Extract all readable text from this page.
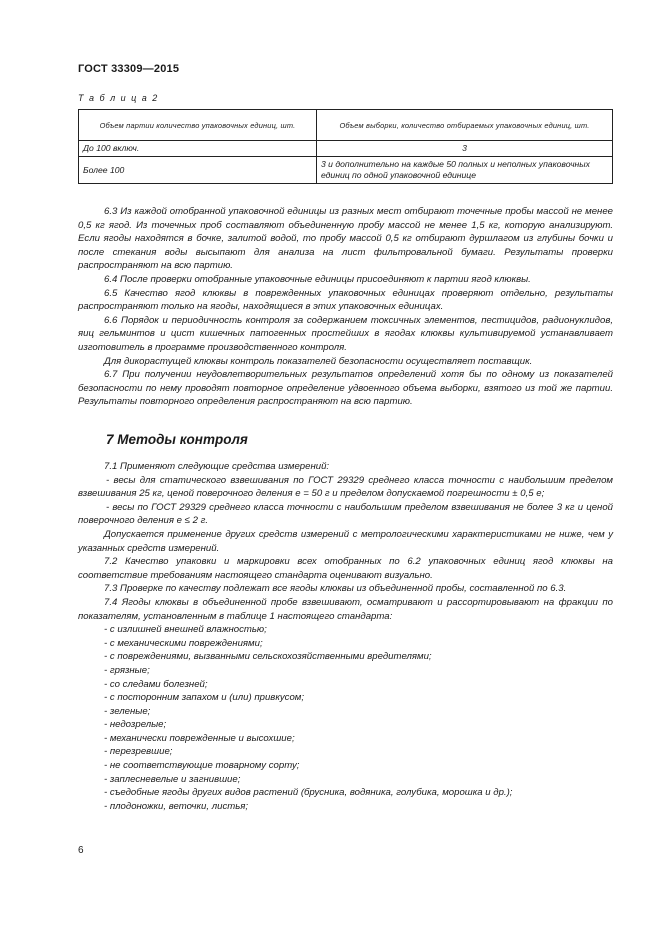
ГОСТ 33309—2015
Т а б л и ц а 2
Объем партии количество упаковочных единиц, шт.	Объем выборки, количество отбираемых упаковочных единиц, шт.
До 100 включ.	3
Более 100	3 и дополнительно на каждые 50 полных и неполных упаковочных единиц по одной упаковочной единице

6.3 Из каждой отобранной упаковочной единицы из разных мест отбирают точечные пробы массой не менее 0,5 кг ягод. Из точечных проб составляют объединенную пробу массой не менее 1,5 кг, которую анализируют. Если ягоды находятся в бочке, залитой водой, то пробу массой 0,5 кг отбирают дуршлагом из глубины бочки и после стекания воды высыпают для анализа на лист фильтровальной бумаги. Результаты проверки распространяют на всю партию.

6.4 После проверки отобранные упаковочные единицы присоединяют к партии ягод клюквы.

6.5 Качество ягод клюквы в поврежденных упаковочных единицах проверяют отдельно, результаты распространяют только на ягоды, находящиеся в этих упаковочных единицах.

6.6 Порядок и периодичность контроля за содержанием токсичных элементов, пестицидов, радионуклидов, яиц гельминтов и цист кишечных патогенных простейших в ягодах клюквы культивируемой устанавливает изготовитель в программе производственного контроля.

Для дикорастущей клюквы контроль показателей безопасности осуществляет поставщик.

6.7 При получении неудовлетворительных результатов определений хотя бы по одному из показателей безопасности по нему проводят повторное определение удвоенного объема выборки, взятого из той же партии. Результаты повторного определения распространяют на всю партию.

7 Методы контроля

7.1 Применяют следующие средства измерений:

- весы для статического взвешивания по ГОСТ 29329 среднего класса точности с наибольшим пределом взвешивания 25 кг, ценой поверочного деления е = 50 г и пределом допускаемой погрешности ± 0,5 е;

- весы по ГОСТ 29329 среднего класса точности с наибольшим пределом взвешивания не более 3 кг и ценой поверочного деления е ≤ 2 г.

Допускается применение других средств измерений с метрологическими характеристиками не ниже, чем у указанных средств измерений.

7.2 Качество упаковки и маркировки всех отобранных по 6.2 упаковочных единиц ягод клюквы на соответствие требованиям настоящего стандарта оценивают визуально.

7.3 Проверке по качеству подлежат все ягоды клюквы из объединенной пробы, составленной по 6.3.

7.4 Ягоды клюквы в объединенной пробе взвешивают, осматривают и рассортировывают на фракции по показателям, установленным в таблице 1 настоящего стандарта:

- с излишней внешней влажностью;

- с механическими повреждениями;

- с повреждениями, вызванными сельскохозяйственными вредителями;

- грязные;

- со следами болезней;

- с посторонним запахом и (или) привкусом;

- зеленые;

- недозрелые;

- механически поврежденные и высохшие;

- перезревшие;

- не соответствующие товарному сорту;

- заплесневелые и загнившие;

- съедобные ягоды других видов растений (брусника, водяника, голубика, морошка и др.);

- плодоножки, веточки, листья;

6
